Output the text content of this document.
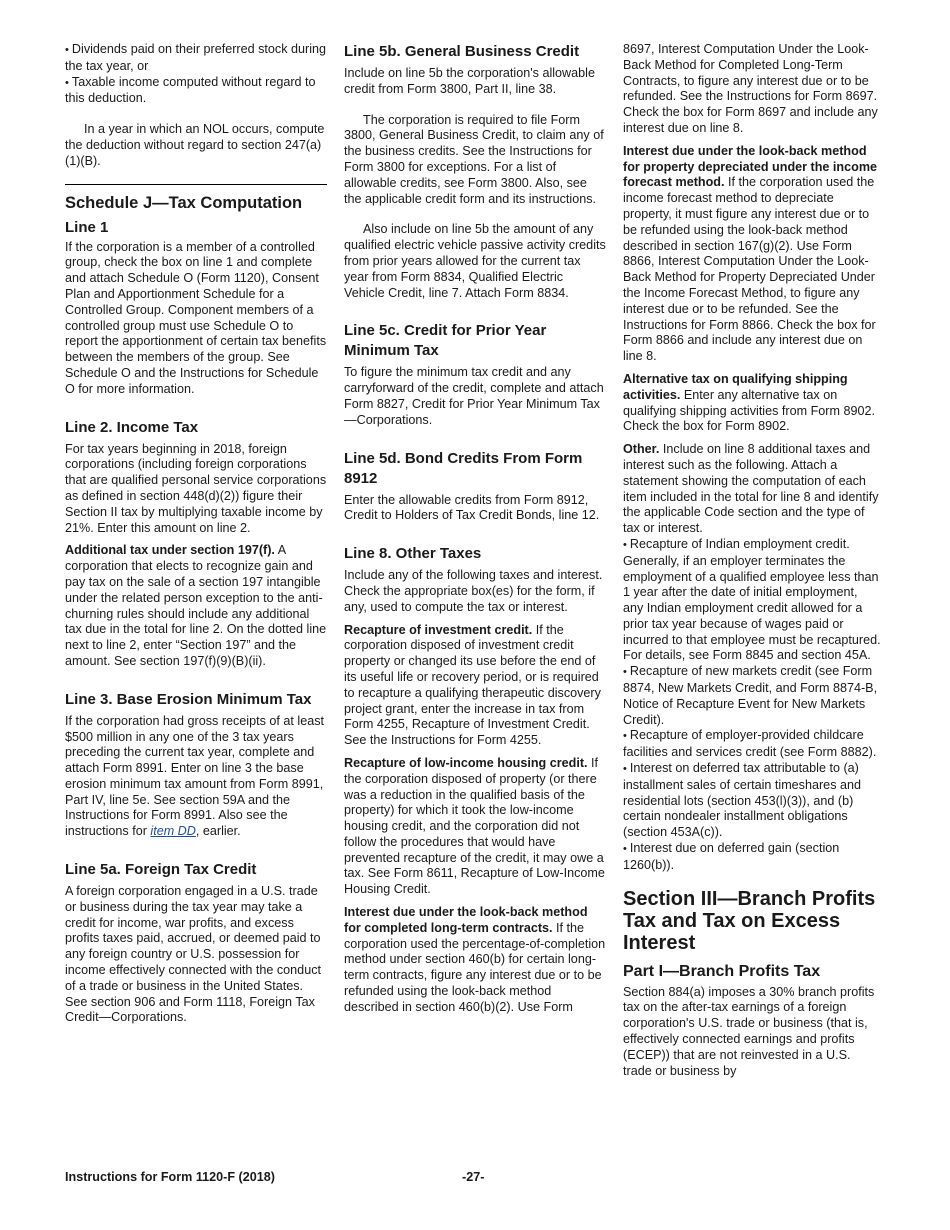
• Dividends paid on their preferred stock during the tax year, or

• Taxable income computed without regard to this deduction.

In a year in which an NOL occurs, compute the deduction without regard to section 247(a)(1)(B).

Schedule J—Tax Computation
Line 1

If the corporation is a member of a controlled group, check the box on line 1 and complete and attach Schedule O (Form 1120), Consent Plan and Apportionment Schedule for a Controlled Group. Component members of a controlled group must use Schedule O to report the apportionment of certain tax benefits between the members of the group. See Schedule O and the Instructions for Schedule O for more information.

Line 2. Income Tax

For tax years beginning in 2018, foreign corporations (including foreign corporations that are qualified personal service corporations as defined in section 448(d)(2)) figure their Section II tax by multiplying taxable income by 21%. Enter this amount on line 2.

Additional tax under section 197(f). A corporation that elects to recognize gain and pay tax on the sale of a section 197 intangible under the related person exception to the anti-churning rules should include any additional tax due in the total for line 2. On the dotted line next to line 2, enter “Section 197” and the amount. See section 197(f)(9)(B)(ii).

Line 3. Base Erosion Minimum Tax

If the corporation had gross receipts of at least $500 million in any one of the 3 tax years preceding the current tax year, complete and attach Form 8991. Enter on line 3 the base erosion minimum tax amount from Form 8991, Part IV, line 5e. See section 59A and the Instructions for Form 8991. Also see the instructions for item DD, earlier.

Line 5a. Foreign Tax Credit

A foreign corporation engaged in a U.S. trade or business during the tax year may take a credit for income, war profits, and excess profits taxes paid, accrued, or deemed paid to any foreign country or U.S. possession for income effectively connected with the conduct of a trade or business in the United States. See section 906 and Form 1118, Foreign Tax Credit—Corporations.

Line 5b. General Business Credit

Include on line 5b the corporation's allowable credit from Form 3800, Part II, line 38.

The corporation is required to file Form 3800, General Business Credit, to claim any of the business credits. See the Instructions for Form 3800 for exceptions. For a list of allowable credits, see Form 3800. Also, see the applicable credit form and its instructions.

Also include on line 5b the amount of any qualified electric vehicle passive activity credits from prior years allowed for the current tax year from Form 8834, Qualified Electric Vehicle Credit, line 7. Attach Form 8834.

Line 5c. Credit for Prior Year Minimum Tax

To figure the minimum tax credit and any carryforward of the credit, complete and attach Form 8827, Credit for Prior Year Minimum Tax—Corporations.

Line 5d. Bond Credits From Form 8912

Enter the allowable credits from Form 8912, Credit to Holders of Tax Credit Bonds, line 12.

Line 8. Other Taxes

Include any of the following taxes and interest. Check the appropriate box(es) for the form, if any, used to compute the tax or interest.

Recapture of investment credit. If the corporation disposed of investment credit property or changed its use before the end of its useful life or recovery period, or is required to recapture a qualifying therapeutic discovery project grant, enter the increase in tax from Form 4255, Recapture of Investment Credit. See the Instructions for Form 4255.

Recapture of low-income housing credit. If the corporation disposed of property (or there was a reduction in the qualified basis of the property) for which it took the low-income housing credit, and the corporation did not follow the procedures that would have prevented recapture of the credit, it may owe a tax. See Form 8611, Recapture of Low-Income Housing Credit.

Interest due under the look-back method for completed long-term contracts. If the corporation used the percentage-of-completion method under section 460(b) for certain long-term contracts, figure any interest due or to be refunded using the look-back method described in section 460(b)(2). Use Form

8697, Interest Computation Under the Look-Back Method for Completed Long-Term Contracts, to figure any interest due or to be refunded. See the Instructions for Form 8697. Check the box for Form 8697 and include any interest due on line 8.

Interest due under the look-back method for property depreciated under the income forecast method. If the corporation used the income forecast method to depreciate property, it must figure any interest due or to be refunded using the look-back method described in section 167(g)(2). Use Form 8866, Interest Computation Under the Look-Back Method for Property Depreciated Under the Income Forecast Method, to figure any interest due or to be refunded. See the Instructions for Form 8866. Check the box for Form 8866 and include any interest due on line 8.

Alternative tax on qualifying shipping activities. Enter any alternative tax on qualifying shipping activities from Form 8902. Check the box for Form 8902.

Other. Include on line 8 additional taxes and interest such as the following. Attach a statement showing the computation of each item included in the total for line 8 and identify the applicable Code section and the type of tax or interest.

• Recapture of Indian employment credit. Generally, if an employer terminates the employment of a qualified employee less than 1 year after the date of initial employment, any Indian employment credit allowed for a prior tax year because of wages paid or incurred to that employee must be recaptured. For details, see Form 8845 and section 45A.

• Recapture of new markets credit (see Form 8874, New Markets Credit, and Form 8874-B, Notice of Recapture Event for New Markets Credit).

• Recapture of employer-provided childcare facilities and services credit (see Form 8882).

• Interest on deferred tax attributable to (a) installment sales of certain timeshares and residential lots (section 453(l)(3)), and (b) certain nondealer installment obligations (section 453A(c)).

• Interest due on deferred gain (section 1260(b)).

Section III—Branch Profits Tax and Tax on Excess Interest
Part I—Branch Profits Tax

Section 884(a) imposes a 30% branch profits tax on the after-tax earnings of a foreign corporation's U.S. trade or business (that is, effectively connected earnings and profits (ECEP)) that are not reinvested in a U.S. trade or business by

Instructions for Form 1120-F (2018)	-27-
